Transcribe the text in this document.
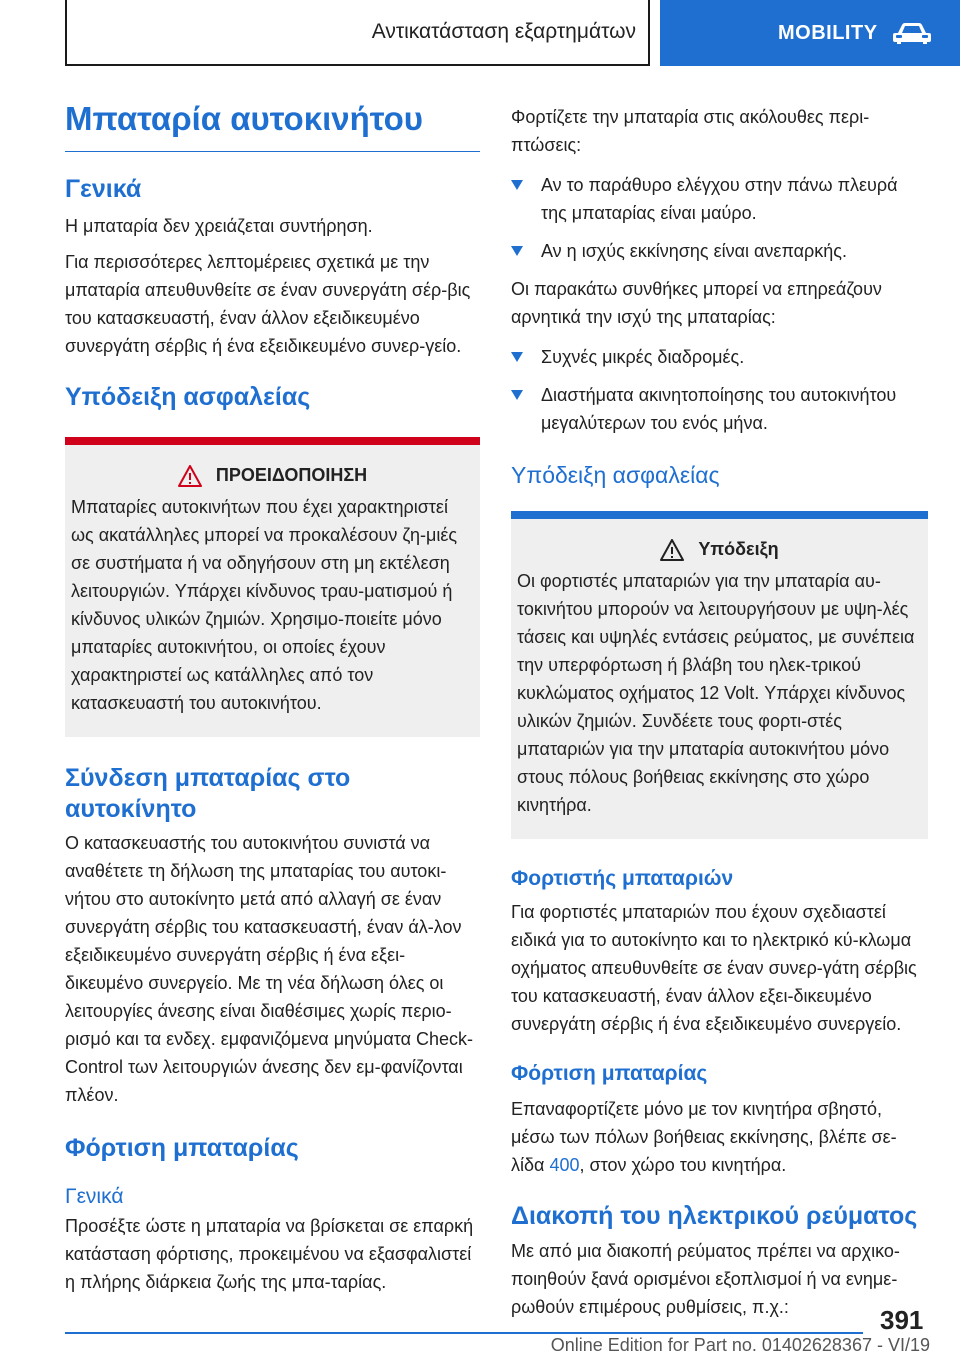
Αντικατάσταση εξαρτημάτων	MOBILITY
Μπαταρία αυτοκινήτου
Γενικά

Η μπαταρία δεν χρειάζεται συντήρηση.

Για περισσότερες λεπτομέρειες σχετικά με την μπαταρία απευθυνθείτε σε έναν συνεργάτη σέρ-βις του κατασκευαστή, έναν άλλον εξειδικευμένο συνεργάτη σέρβις ή ένα εξειδικευμένο συνερ-γείο.

Υπόδειξη ασφαλείας
ΠΡΟΕΙΔΟΠΟΙΗΣΗ

Μπαταρίες αυτοκινήτων που έχει χαρακτηριστεί ως ακατάλληλες μπορεί να προκαλέσουν ζη-μιές σε συστήματα ή να οδηγήσουν στη μη εκτέλεση λειτουργιών. Υπάρχει κίνδυνος τραυ-ματισμού ή κίνδυνος υλικών ζημιών. Χρησιμο-ποιείτε μόνο μπαταρίες αυτοκινήτου, οι οποίες έχουν χαρακτηριστεί ως κατάλληλες από τον κατασκευαστή του αυτοκινήτου.

Σύνδεση μπαταρίας στο αυτοκίνητο

Ο κατασκευαστής του αυτοκινήτου συνιστά να αναθέτετε τη δήλωση της μπαταρίας του αυτοκι-νήτου στο αυτοκίνητο μετά από αλλαγή σε έναν συνεργάτη σέρβις του κατασκευαστή, έναν άλ-λον εξειδικευμένο συνεργάτη σέρβις ή ένα εξει-δικευμένο συνεργείο. Με τη νέα δήλωση όλες οι λειτουργίες άνεσης είναι διαθέσιμες χωρίς περιο-ρισμό και τα ενδεχ. εμφανιζόμενα μηνύματα Check-Control των λειτουργιών άνεσης δεν εμ-φανίζονται πλέον.

Φόρτιση μπαταρίας
Γενικά

Προσέξτε ώστε η μπαταρία να βρίσκεται σε επαρκή κατάσταση φόρτισης, προκειμένου να εξασφαλιστεί η πλήρης διάρκεια ζωής της μπα-ταρίας.

Φορτίζετε την μπαταρία στις ακόλουθες περι-πτώσεις:

Αν το παράθυρο ελέγχου στην πάνω πλευρά της μπαταρίας είναι μαύρο.
Αν η ισχύς εκκίνησης είναι ανεπαρκής.

Οι παρακάτω συνθήκες μπορεί να επηρεάζουν αρνητικά την ισχύ της μπαταρίας:

Συχνές μικρές διαδρομές.
Διαστήματα ακινητοποίησης του αυτοκινήτου μεγαλύτερων του ενός μήνα.
Υπόδειξη ασφαλείας
Υπόδειξη

Οι φορτιστές μπαταριών για την μπαταρία αυ-τοκινήτου μπορούν να λειτουργήσουν με υψη-λές τάσεις και υψηλές εντάσεις ρεύματος, με συνέπεια την υπερφόρτωση ή βλάβη του ηλεκ-τρικού κυκλώματος οχήματος 12 Volt. Υπάρχει κίνδυνος υλικών ζημιών. Συνδέετε τους φορτι-στές μπαταριών για την μπαταρία αυτοκινήτου μόνο στους πόλους βοήθειας εκκίνησης στο χώρο κινητήρα.

Φορτιστής μπαταριών

Για φορτιστές μπαταριών που έχουν σχεδιαστεί ειδικά για το αυτοκίνητο και το ηλεκτρικό κύ-κλωμα οχήματος απευθυνθείτε σε έναν συνερ-γάτη σέρβις του κατασκευαστή, έναν άλλον εξει-δικευμένο συνεργάτη σέρβις ή ένα εξειδικευμένο συνεργείο.

Φόρτιση μπαταρίας

Επαναφορτίζετε μόνο με τον κινητήρα σβηστό, μέσω των πόλων βοήθειας εκκίνησης, βλέπε σε-λίδα 400, στον χώρο του κινητήρα.

Διακοπή του ηλεκτρικού ρεύματος

Με από μια διακοπή ρεύματος πρέπει να αρχικο-ποιηθούν ξανά ορισμένοι εξοπλισμοί ή να ενημε-ρωθούν επιμέρους ρυθμίσεις, π.χ.:	391
Online Edition for Part no. 01402628367 - VI/19
